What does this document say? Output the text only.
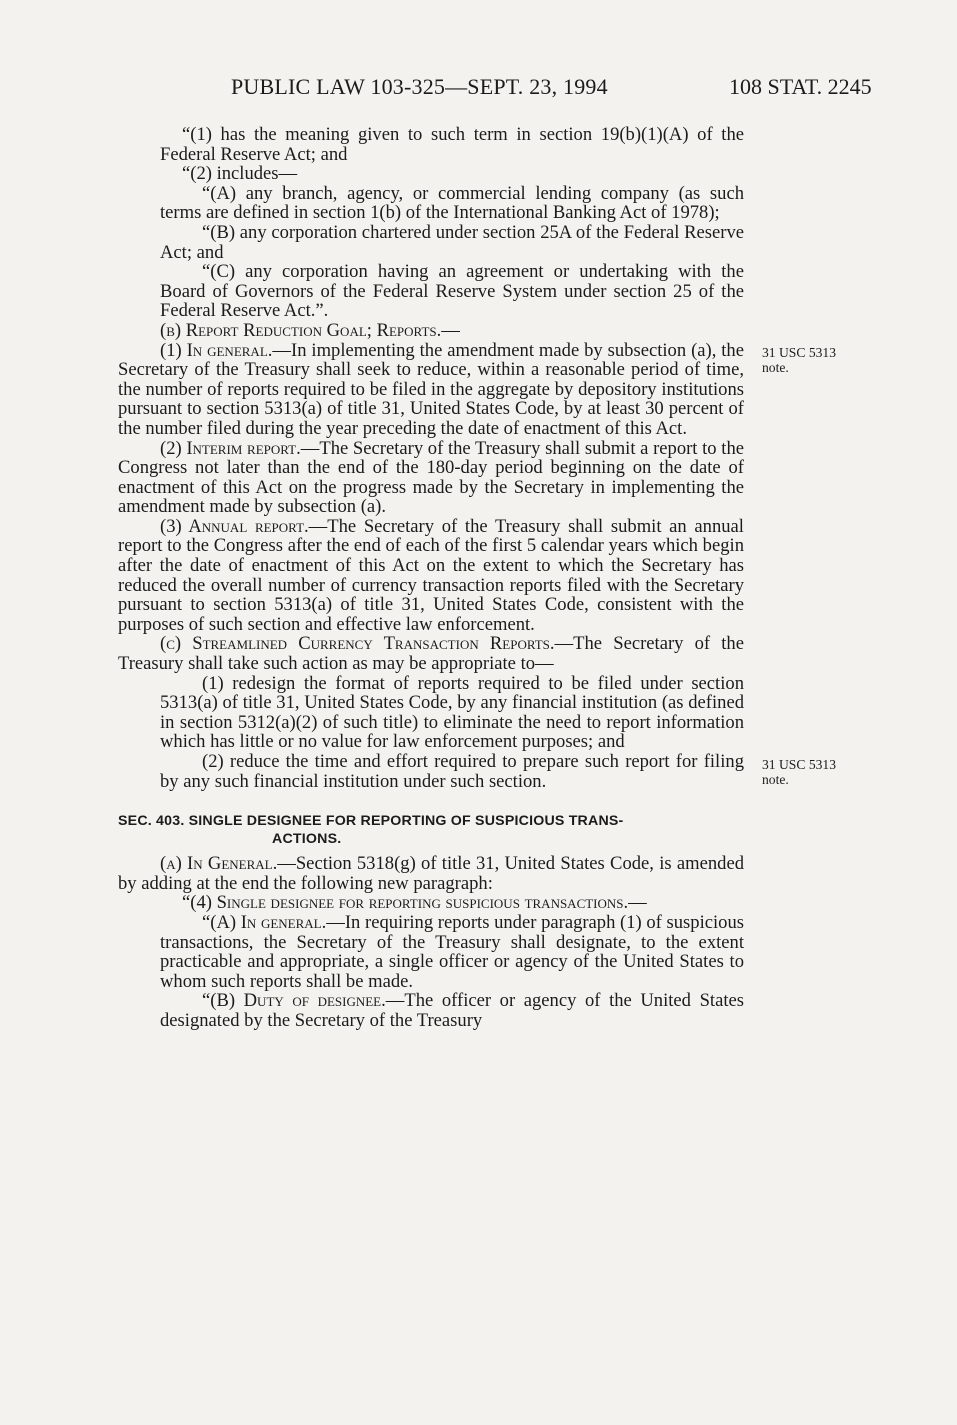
PUBLIC LAW 103-325—SEPT. 23, 1994	108 STAT. 2245
31 USC 5313
note.
31 USC 5313
note.

“(1) has the meaning given to such term in section 19(b)(1)(A) of the Federal Reserve Act; and

“(2) includes—

“(A) any branch, agency, or commercial lending company (as such terms are defined in section 1(b) of the International Banking Act of 1978);

“(B) any corporation chartered under section 25A of the Federal Reserve Act; and

“(C) any corporation having an agreement or undertaking with the Board of Governors of the Federal Reserve System under section 25 of the Federal Reserve Act.”.

(b) Report Reduction Goal; Reports.—

(1) In general.—In implementing the amendment made by subsection (a), the Secretary of the Treasury shall seek to reduce, within a reasonable period of time, the number of reports required to be filed in the aggregate by depository institutions pursuant to section 5313(a) of title 31, United States Code, by at least 30 percent of the number filed during the year preceding the date of enactment of this Act.

(2) Interim report.—The Secretary of the Treasury shall submit a report to the Congress not later than the end of the 180-day period beginning on the date of enactment of this Act on the progress made by the Secretary in implementing the amendment made by subsection (a).

(3) Annual report.—The Secretary of the Treasury shall submit an annual report to the Congress after the end of each of the first 5 calendar years which begin after the date of enactment of this Act on the extent to which the Secretary has reduced the overall number of currency transaction reports filed with the Secretary pursuant to section 5313(a) of title 31, United States Code, consistent with the purposes of such section and effective law enforcement.

(c) Streamlined Currency Transaction Reports.—The Secretary of the Treasury shall take such action as may be appropriate to—

(1) redesign the format of reports required to be filed under section 5313(a) of title 31, United States Code, by any financial institution (as defined in section 5312(a)(2) of such title) to eliminate the need to report information which has little or no value for law enforcement purposes; and

(2) reduce the time and effort required to prepare such report for filing by any such financial institution under such section.

SEC. 403. SINGLE DESIGNEE FOR REPORTING OF SUSPICIOUS TRANS-
ACTIONS.

(a) In General.—Section 5318(g) of title 31, United States Code, is amended by adding at the end the following new paragraph:

“(4) Single designee for reporting suspicious transactions.—

“(A) In general.—In requiring reports under paragraph (1) of suspicious transactions, the Secretary of the Treasury shall designate, to the extent practicable and appropriate, a single officer or agency of the United States to whom such reports shall be made.

“(B) Duty of designee.—The officer or agency of the United States designated by the Secretary of the Treasury
